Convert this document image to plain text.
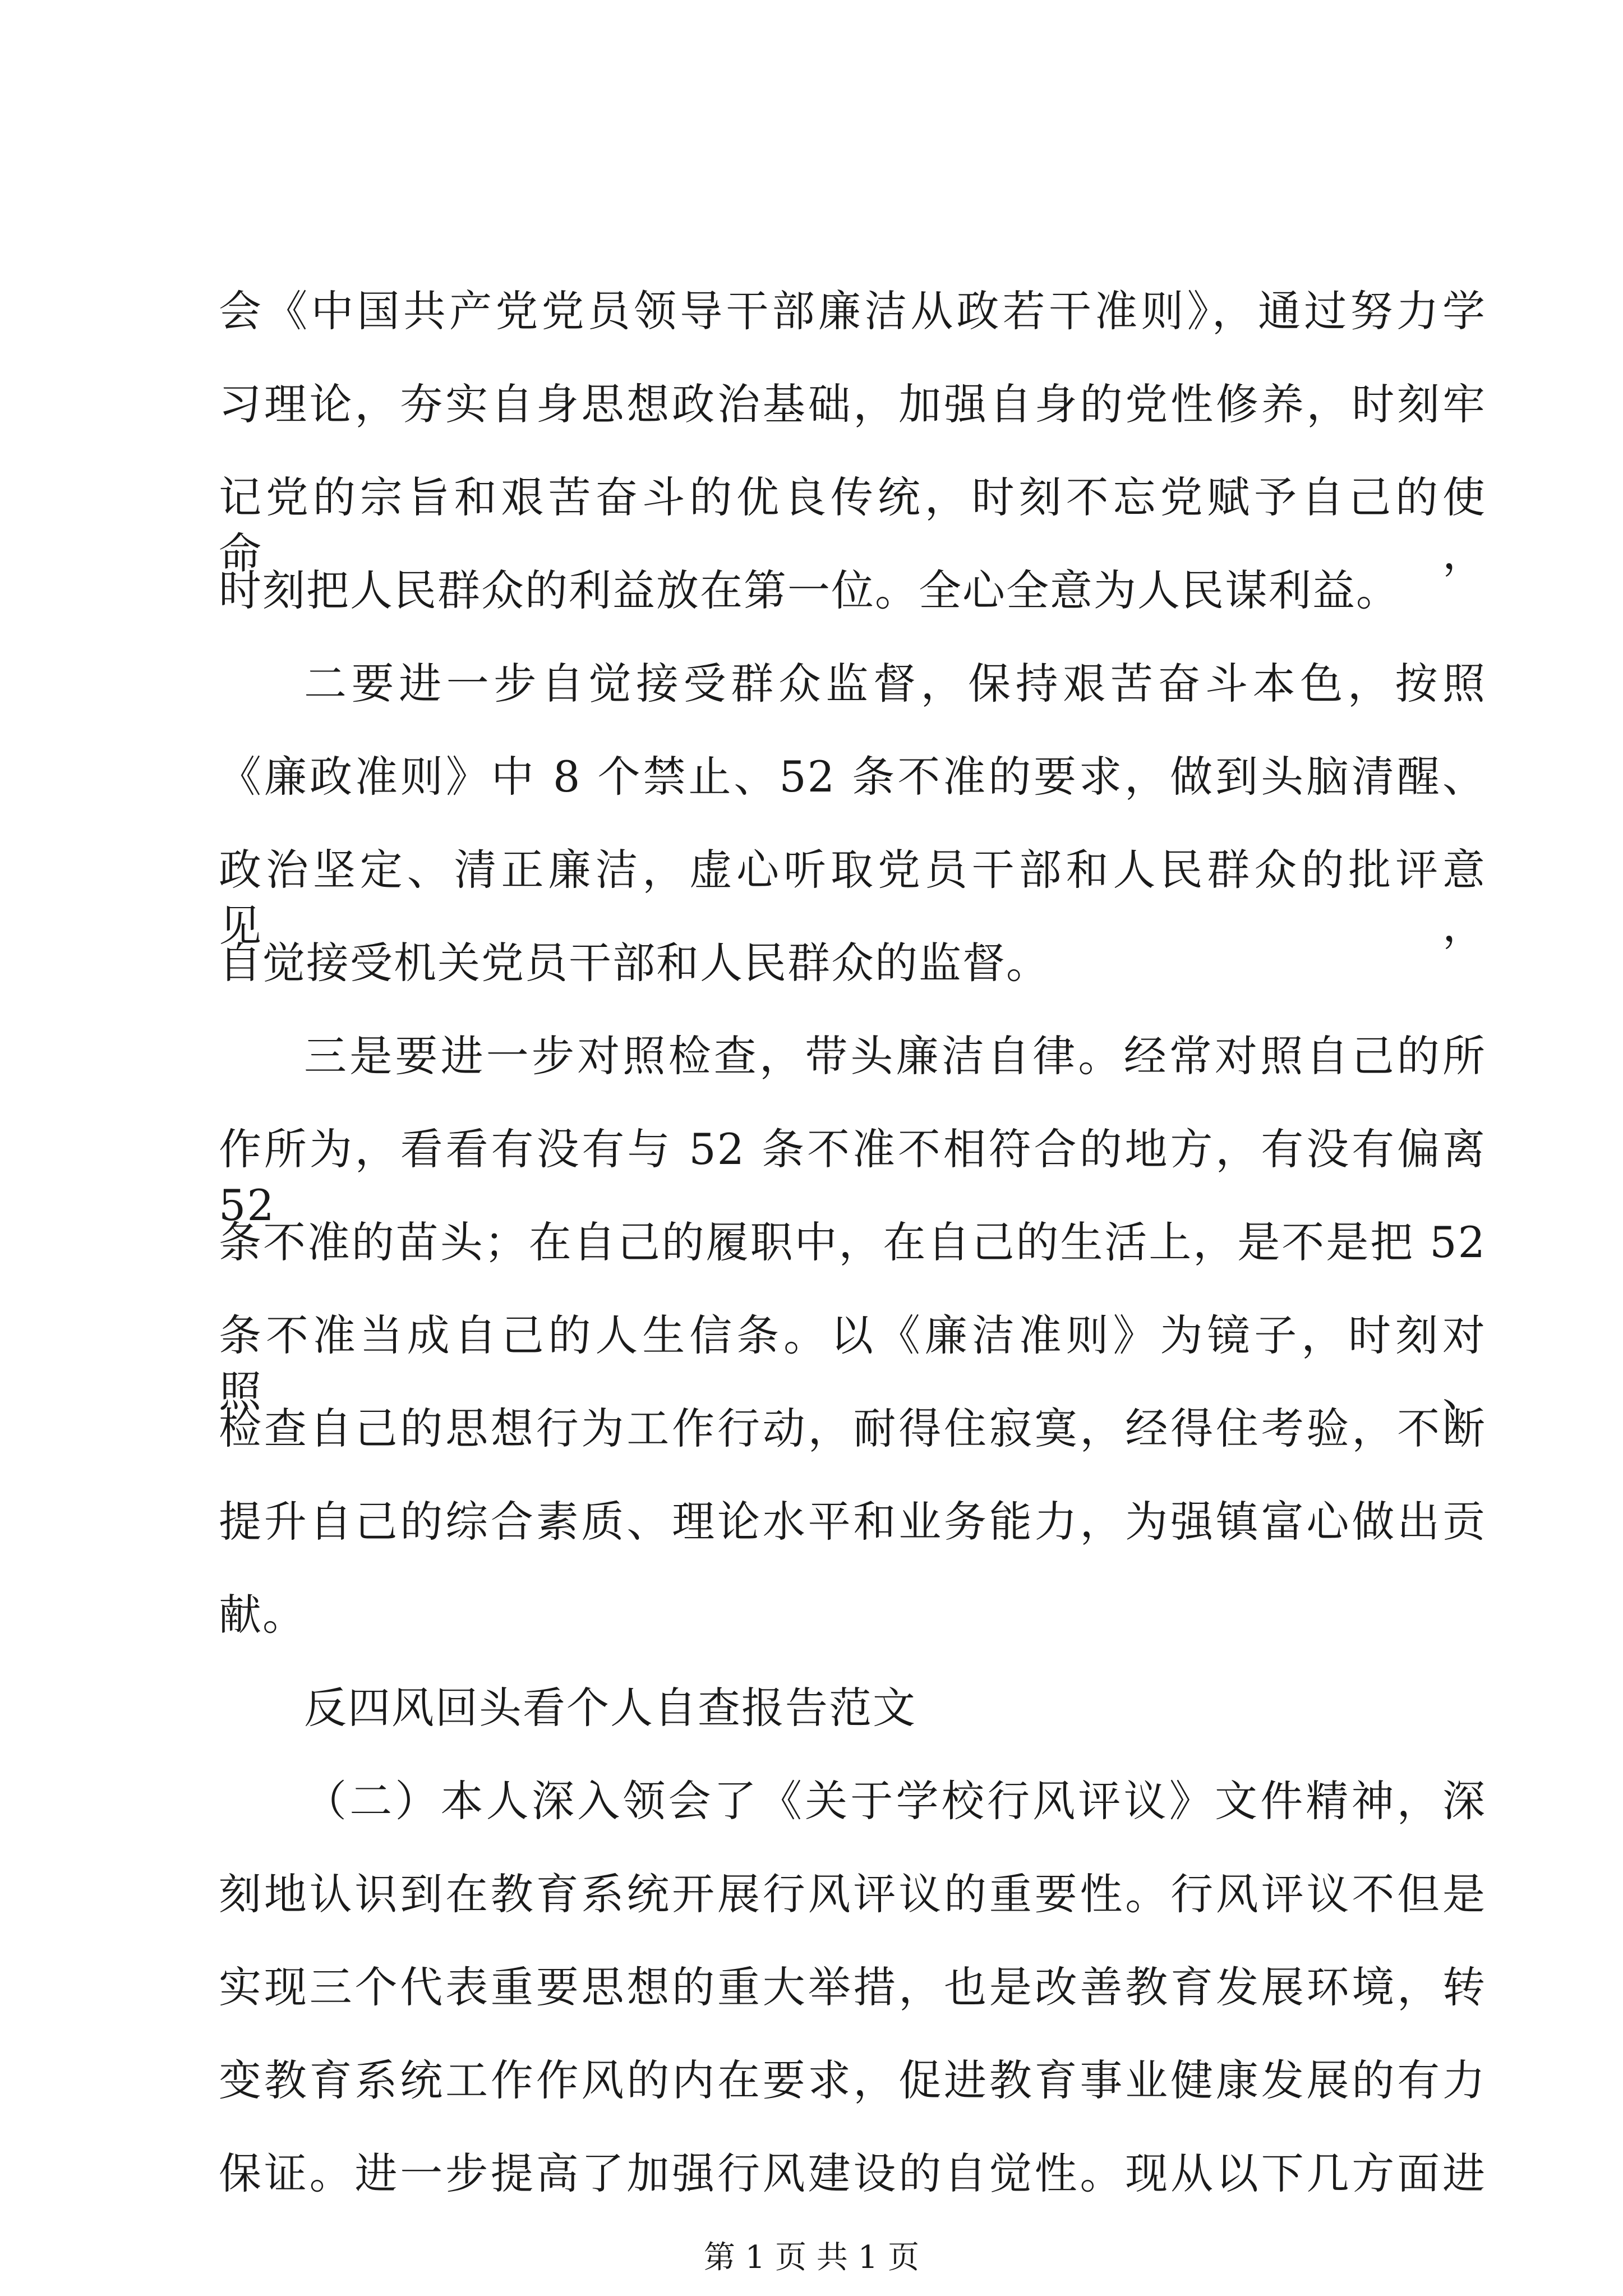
会《中国共产党党员领导干部廉洁从政若干准则》，通过努力学
习理论，夯实自身思想政治基础，加强自身的党性修养，时刻牢
记党的宗旨和艰苦奋斗的优良传统，时刻不忘党赋予自己的使命，
时刻把人民群众的利益放在第一位。全心全意为人民谋利益。
二要进一步自觉接受群众监督，保持艰苦奋斗本色，按照
《廉政准则》中 8 个禁止、52 条不准的要求，做到头脑清醒、
政治坚定、清正廉洁，虚心听取党员干部和人民群众的批评意见，
自觉接受机关党员干部和人民群众的监督。
三是要进一步对照检查，带头廉洁自律。经常对照自己的所
作所为，看看有没有与 52 条不准不相符合的地方，有没有偏离 52
条不准的苗头；在自己的履职中，在自己的生活上，是不是把 52
条不准当成自己的人生信条。以《廉洁准则》为镜子，时刻对照、
检查自己的思想行为工作行动，耐得住寂寞，经得住考验，不断
提升自己的综合素质、理论水平和业务能力，为强镇富心做出贡
献。
反四风回头看个人自查报告范文
（二）本人深入领会了《关于学校行风评议》文件精神，深
刻地认识到在教育系统开展行风评议的重要性。行风评议不但是
实现三个代表重要思想的重大举措，也是改善教育发展环境，转
变教育系统工作作风的内在要求，促进教育事业健康发展的有力
保证。进一步提高了加强行风建设的自觉性。现从以下几方面进
第 1 页 共 1 页
